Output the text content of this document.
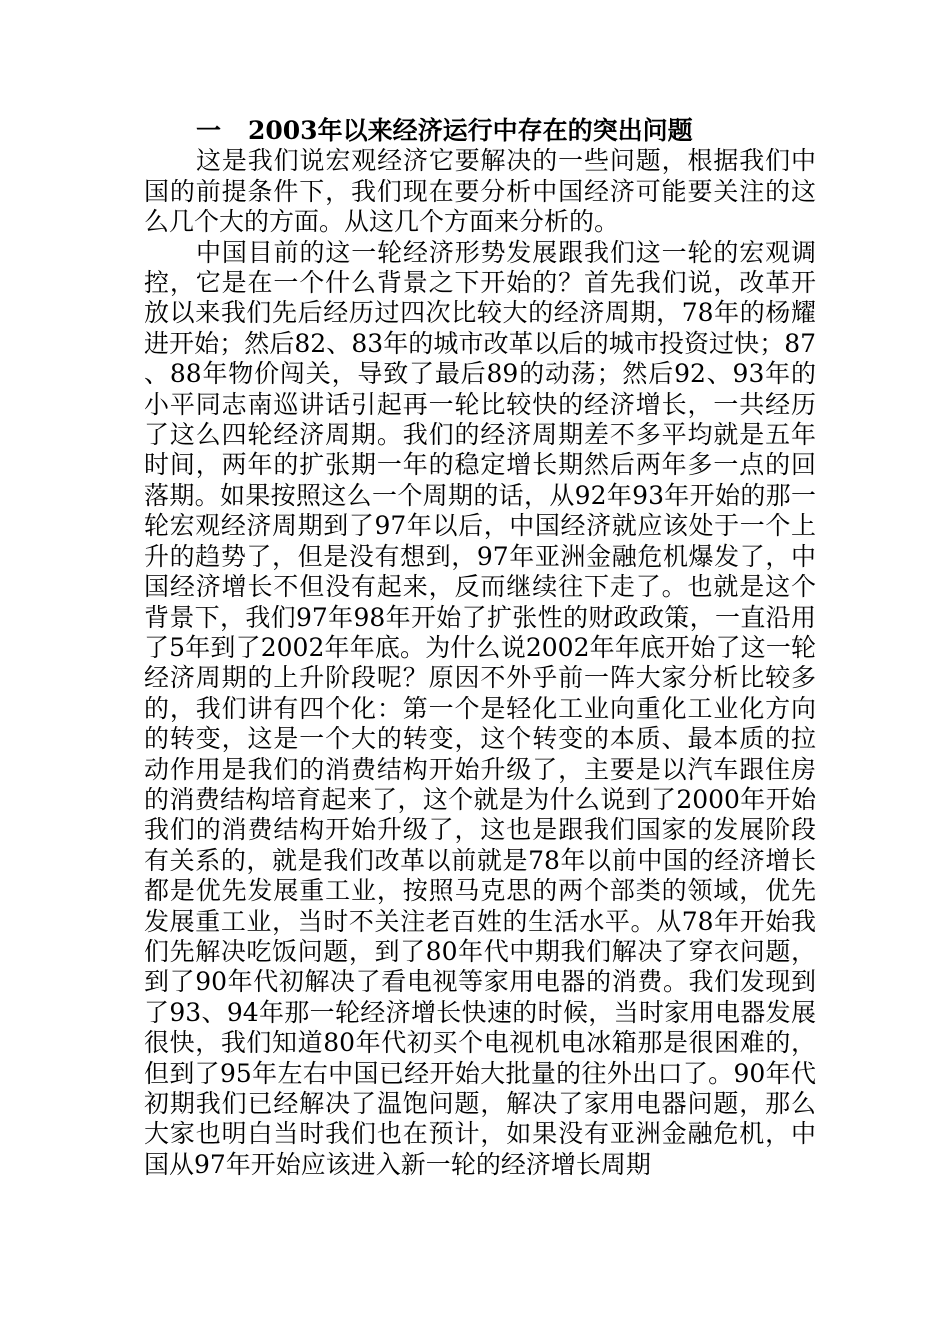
一 2003年以来经济运行中存在的突出问题

这是我们说宏观经济它要解决的一些问题，根据我们中国的前提条件下，我们现在要分析中国经济可能要关注的这么几个大的方面。从这几个方面来分析的。

中国目前的这一轮经济形势发展跟我们这一轮的宏观调控，它是在一个什么背景之下开始的？首先我们说，改革开放以来我们先后经历过四次比较大的经济周期，78年的杨耀进开始；然后82、83年的城市改革以后的城市投资过快；87、88年物价闯关，导致了最后89的动荡；然后92、93年的小平同志南巡讲话引起再一轮比较快的经济增长，一共经历了这么四轮经济周期。我们的经济周期差不多平均就是五年时间，两年的扩张期一年的稳定增长期然后两年多一点的回落期。如果按照这么一个周期的话，从92年93年开始的那一轮宏观经济周期到了97年以后，中国经济就应该处于一个上升的趋势了，但是没有想到，97年亚洲金融危机爆发了，中国经济增长不但没有起来，反而继续往下走了。也就是这个背景下，我们97年98年开始了扩张性的财政政策，一直沿用了5年到了2002年年底。为什么说2002年年底开始了这一轮经济周期的上升阶段呢？原因不外乎前一阵大家分析比较多的，我们讲有四个化：第一个是轻化工业向重化工业化方向的转变，这是一个大的转变，这个转变的本质、最本质的拉动作用是我们的消费结构开始升级了，主要是以汽车跟住房的消费结构培育起来了，这个就是为什么说到了2000年开始我们的消费结构开始升级了，这也是跟我们国家的发展阶段有关系的，就是我们改革以前就是78年以前中国的经济增长都是优先发展重工业，按照马克思的两个部类的领域，优先发展重工业，当时不关注老百姓的生活水平。从78年开始我们先解决吃饭问题，到了80年代中期我们解决了穿衣问题，到了90年代初解决了看电视等家用电器的消费。我们发现到了93、94年那一轮经济增长快速的时候，当时家用电器发展很快，我们知道80年代初买个电视机电冰箱那是很困难的，但到了95年左右中国已经开始大批量的往外出口了。90年代初期我们已经解决了温饱问题，解决了家用电器问题，那么大家也明白当时我们也在预计，如果没有亚洲金融危机，中国从97年开始应该进入新一轮的经济增长周期
